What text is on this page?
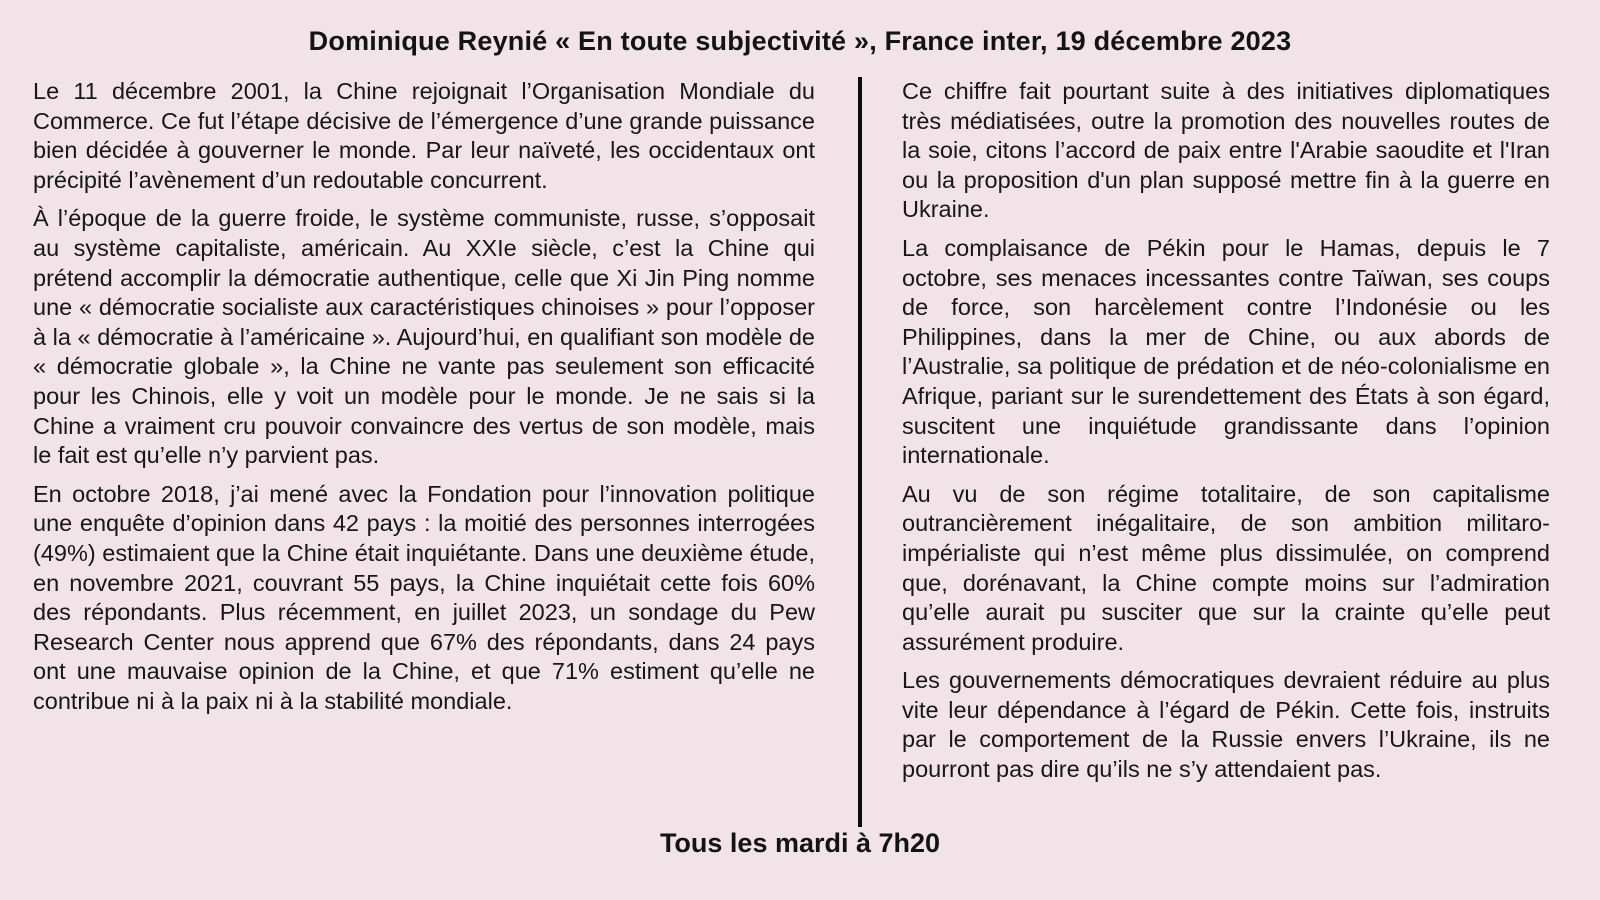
Dominique Reynié « En toute subjectivité », France inter, 19 décembre 2023

Le 11 décembre 2001, la Chine rejoignait l’Organisation Mondiale du Commerce. Ce fut l’étape décisive de l’émergence d’une grande puissance bien décidée à gouverner le monde. Par leur naïveté, les occidentaux ont précipité l’avènement d’un redoutable concurrent.

À l’époque de la guerre froide, le système communiste, russe, s’opposait au système capitaliste, américain. Au XXIe siècle, c’est la Chine qui prétend accomplir la démocratie authentique, celle que Xi Jin Ping nomme une « démocratie socialiste aux caractéristiques chinoises » pour l’opposer à la « démocratie à l’américaine ». Aujourd’hui, en qualifiant son modèle de « démocratie globale », la Chine ne vante pas seulement son efficacité pour les Chinois, elle y voit un modèle pour le monde. Je ne sais si la Chine a vraiment cru pouvoir convaincre des vertus de son modèle, mais le fait est qu’elle n’y parvient pas.

En octobre 2018, j’ai mené avec la Fondation pour l’innovation politique une enquête d’opinion dans 42 pays : la moitié des personnes interrogées (49%) estimaient que la Chine était inquiétante. Dans une deuxième étude, en novembre 2021, couvrant 55 pays, la Chine inquiétait cette fois 60% des répondants. Plus récemment, en juillet 2023, un sondage du Pew Research Center nous apprend que 67% des répondants, dans 24 pays ont une mauvaise opinion de la Chine, et que 71% estiment qu’elle ne contribue ni à la paix ni à la stabilité mondiale.

Ce chiffre fait pourtant suite à des initiatives diplomatiques très médiatisées, outre la promotion des nouvelles routes de la soie, citons l’accord de paix entre l'Arabie saoudite et l'Iran ou la proposition d'un plan supposé mettre fin à la guerre en Ukraine.

La complaisance de Pékin pour le Hamas, depuis le 7 octobre, ses menaces incessantes contre Taïwan, ses coups de force, son harcèlement contre l’Indonésie ou les Philippines, dans la mer de Chine, ou aux abords de l’Australie, sa politique de prédation et de néo-colonialisme en Afrique, pariant sur le surendettement des États à son égard, suscitent une inquiétude grandissante dans l’opinion internationale.

Au vu de son régime totalitaire, de son capitalisme outrancièrement inégalitaire, de son ambition militaro-impérialiste qui n’est même plus dissimulée, on comprend que, dorénavant, la Chine compte moins sur l’admiration qu’elle aurait pu susciter que sur la crainte qu’elle peut assurément produire.

Les gouvernements démocratiques devraient réduire au plus vite leur dépendance à l’égard de Pékin. Cette fois, instruits par le comportement de la Russie envers l’Ukraine, ils ne pourront pas dire qu’ils ne s’y attendaient pas.

Tous les mardi à 7h20
